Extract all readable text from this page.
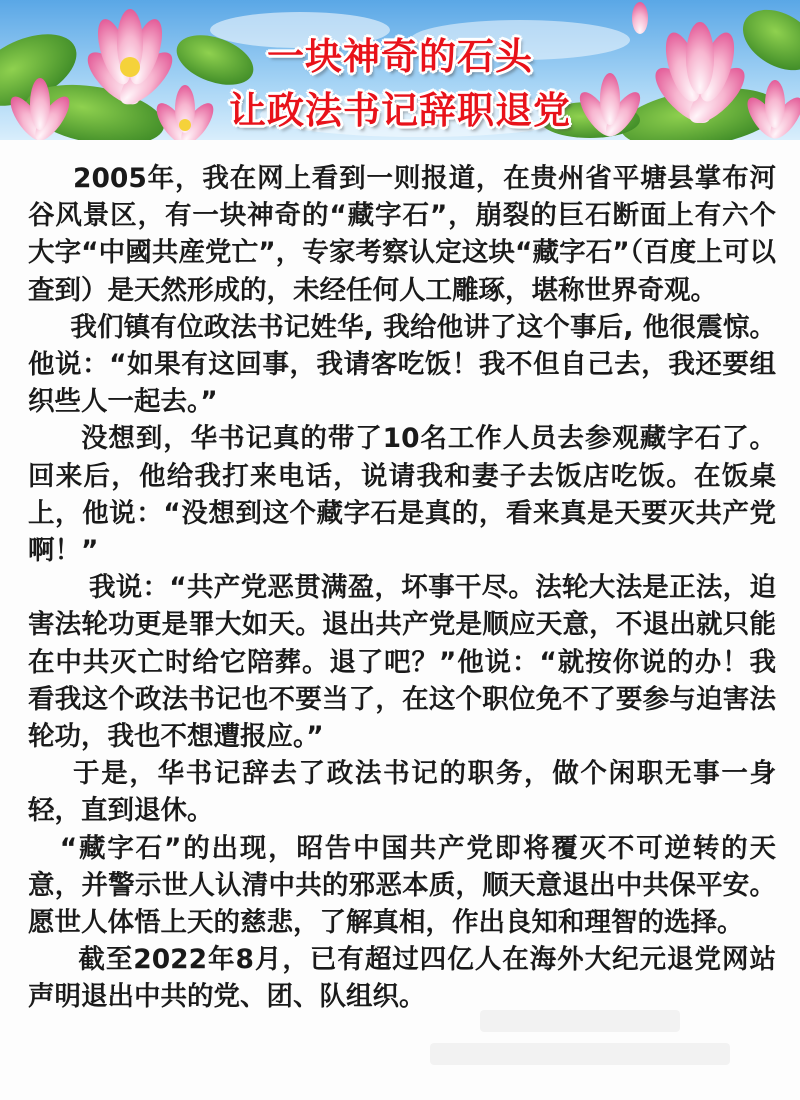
一块神奇的石头
让政法书记辞职退党

2005年，我在网上看到一则报道，在贵州省平塘县掌布河谷风景区，有一块神奇的“藏字石”，崩裂的巨石断面上有六个大字“中國共産党亡”，专家考察认定这块“藏字石”（百度上可以查到）是天然形成的，未经任何人工雕琢，堪称世界奇观。

我们镇有位政法书记姓华, 我给他讲了这个事后, 他很震惊。他说：“如果有这回事，我请客吃饭！我不但自己去，我还要组织些人一起去。”

没想到，华书记真的带了10名工作人员去参观藏字石了。回来后，他给我打来电话，说请我和妻子去饭店吃饭。在饭桌上，他说：“没想到这个藏字石是真的，看来真是天要灭共产党啊！”

我说：“共产党恶贯满盈，坏事干尽。法轮大法是正法，迫害法轮功更是罪大如天。退出共产党是顺应天意，不退出就只能在中共灭亡时给它陪葬。退了吧？”他说：“就按你说的办！我看我这个政法书记也不要当了，在这个职位免不了要参与迫害法轮功，我也不想遭报应。”

于是，华书记辞去了政法书记的职务，做个闲职无事一身轻，直到退休。

“藏字石”的出现，昭告中国共产党即将覆灭不可逆转的天意，并警示世人认清中共的邪恶本质，顺天意退出中共保平安。愿世人体悟上天的慈悲，了解真相，作出良知和理智的选择。

截至2022年8月，已有超过四亿人在海外大纪元退党网站声明退出中共的党、团、队组织。
